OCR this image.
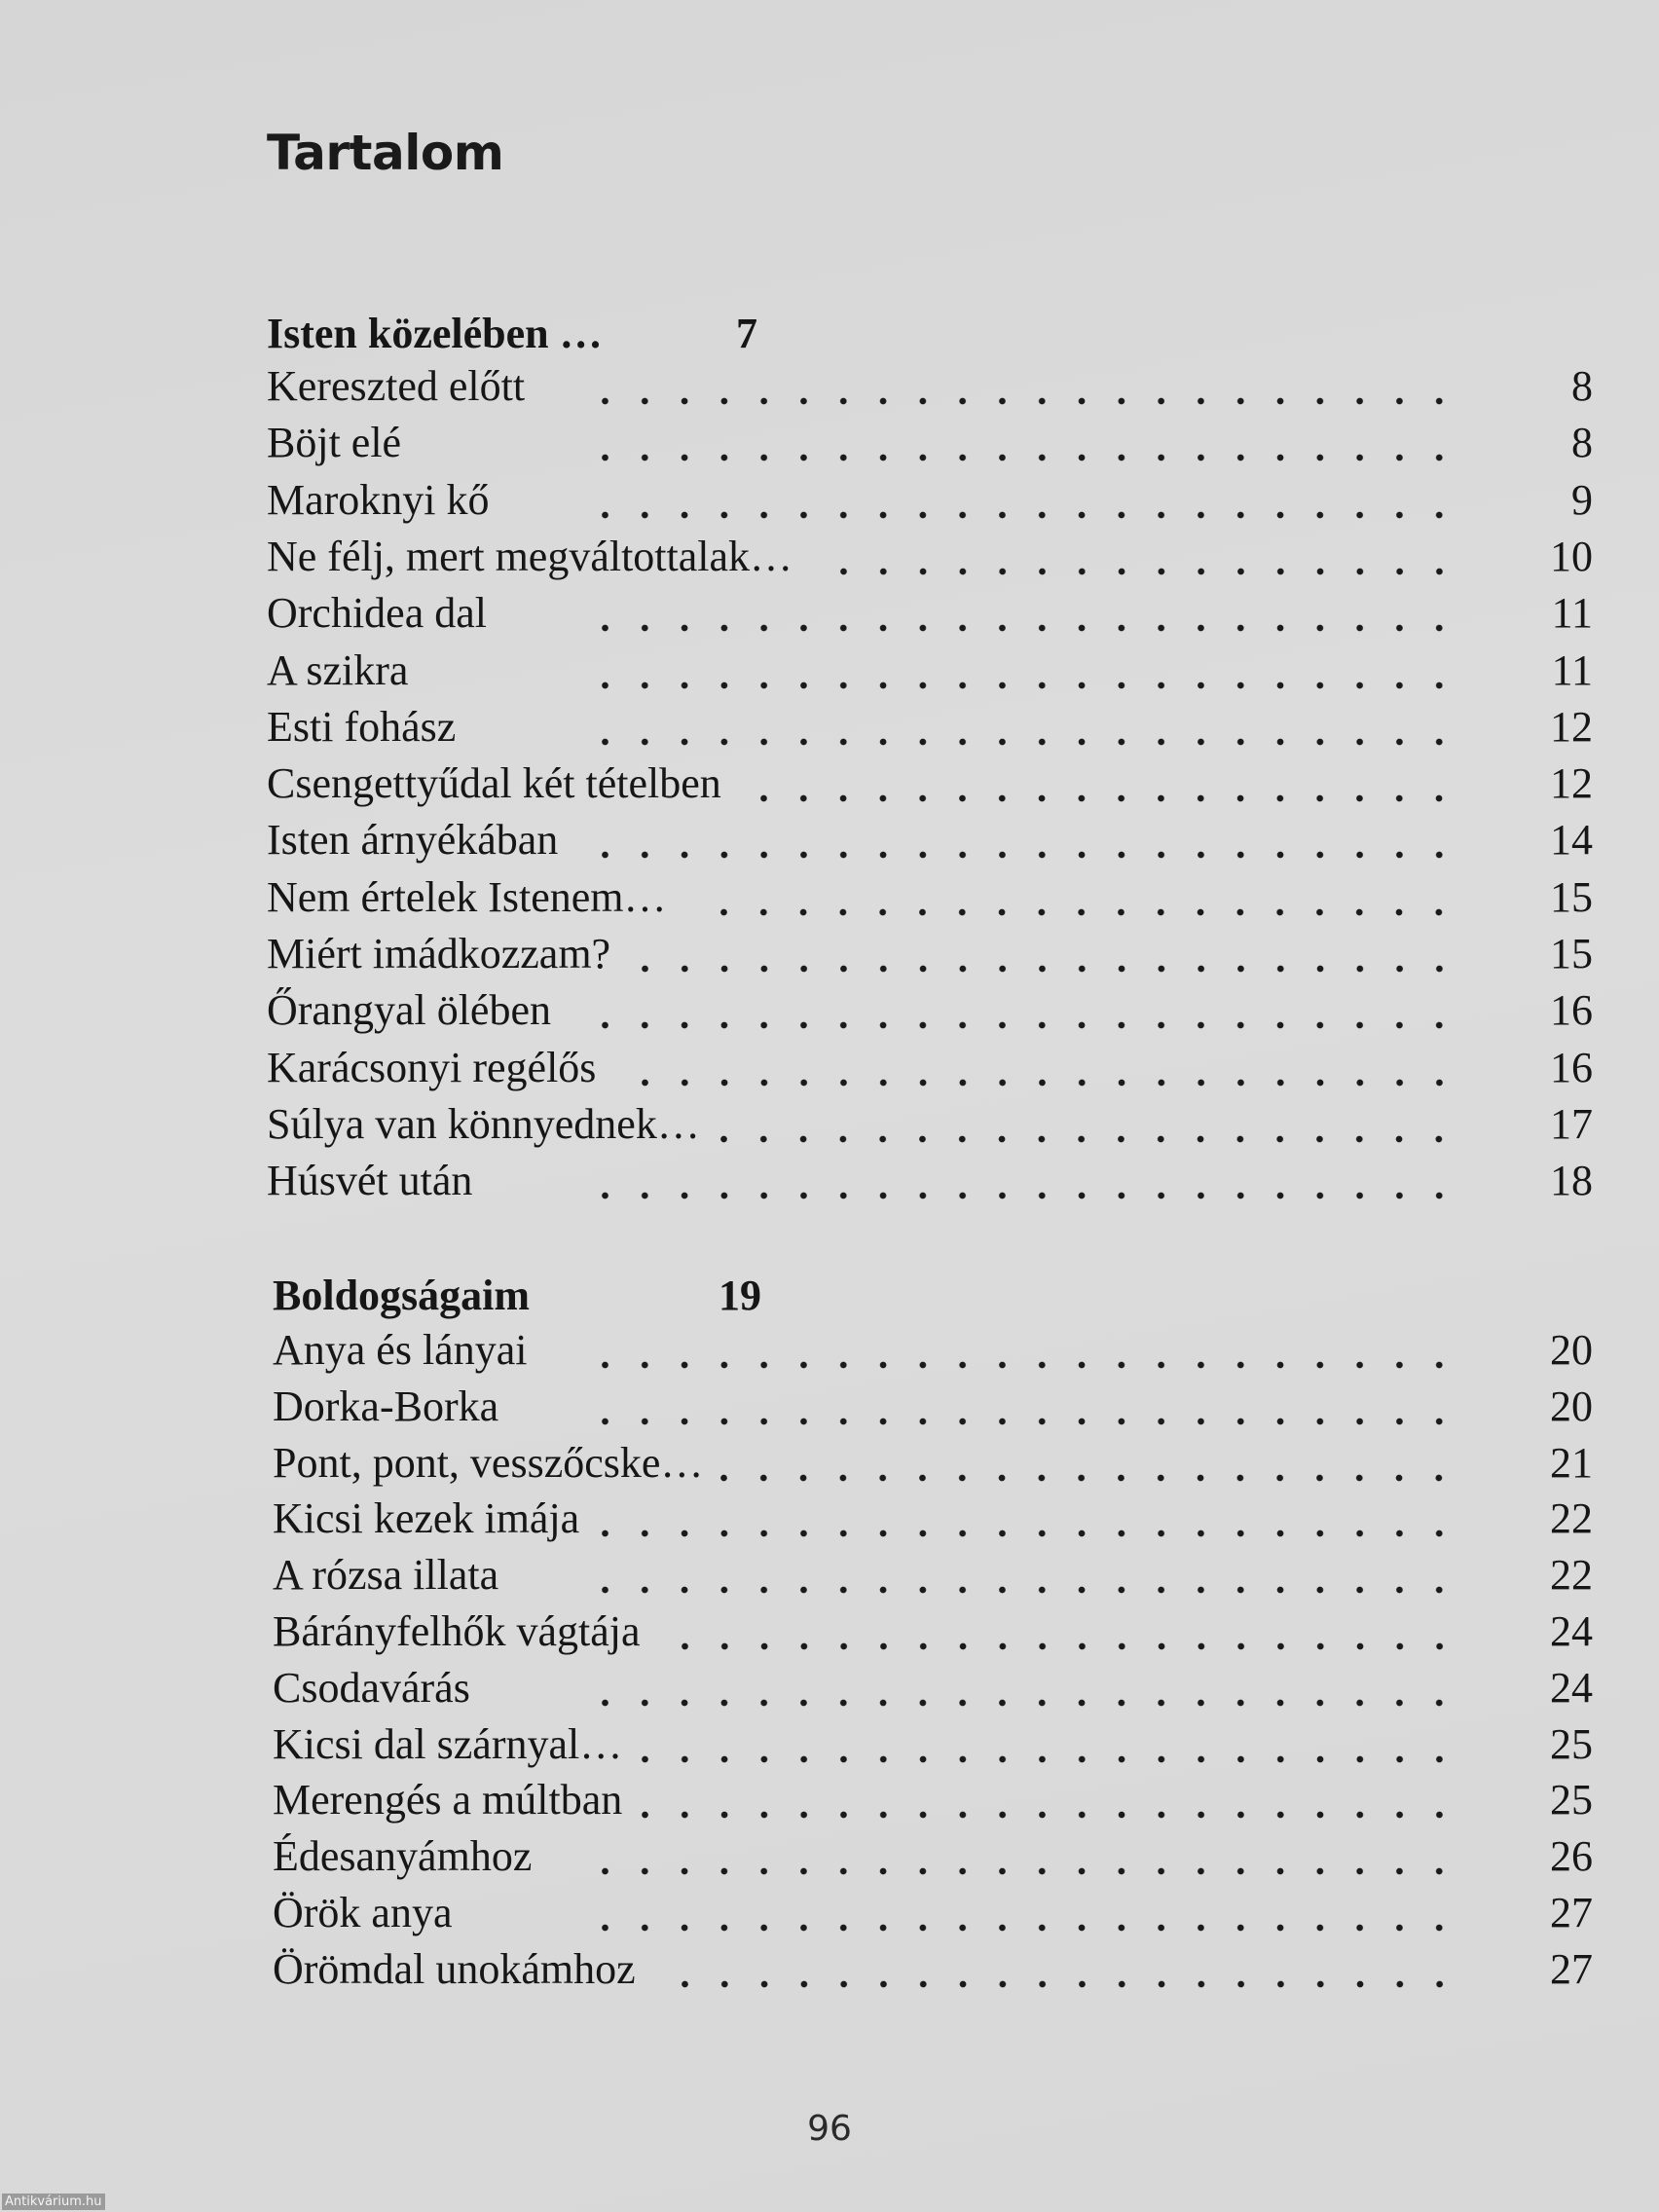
Tartalom
Isten közelében …	7
Kereszted előtt	8
Böjt elé	8
Maroknyi kő	9
Ne félj, mert megváltottalak…	10
Orchidea dal	11
A szikra	11
Esti fohász	12
Csengettyűdal két tételben	12
Isten árnyékában	14
Nem értelek Istenem…	15
Miért imádkozzam?	15
Őrangyal ölében	16
Karácsonyi regélős	16
Súlya van könnyednek…	17
Húsvét után	18
Boldogságaim	19
Anya és lányai	20
Dorka-Borka	20
Pont, pont, vesszőcske…	21
Kicsi kezek imája	22
A rózsa illata	22
Bárányfelhők vágtája	24
Csodavárás	24
Kicsi dal szárnyal…	25
Merengés a múltban	25
Édesanyámhoz	26
Örök anya	27
Örömdal unokámhoz	27
96
Antikvárium.hu
